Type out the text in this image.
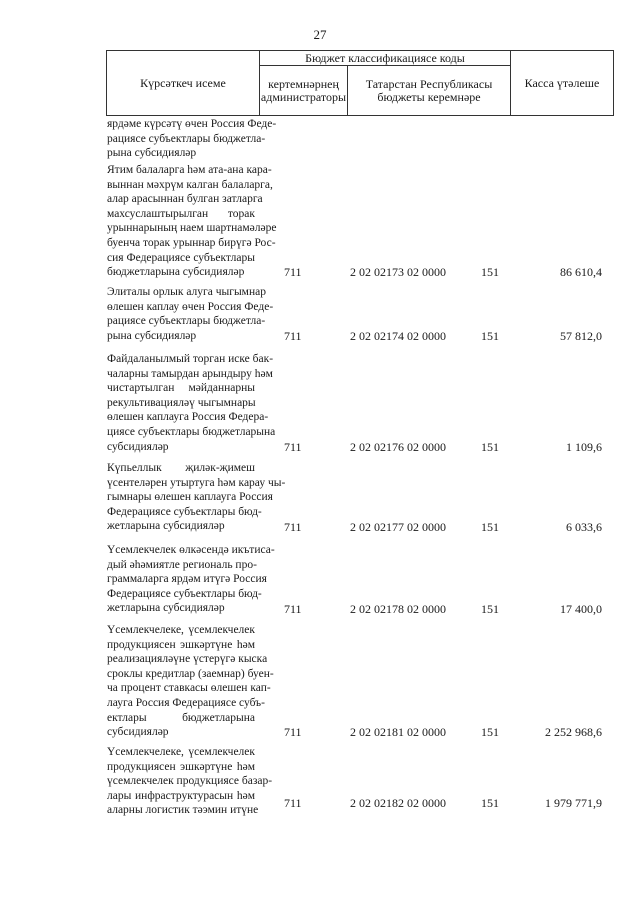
27
Күрсәткеч исеме
Бюджет классификациясе коды
кертемнәрнең администраторы
Татарстан Республикасы бюджеты керемнәре
Касса үтәлеше
ярдәме күрсәтү өчен Россия Феде-
рациясе субъектлары бюджетла-
рына субсидияләр
Ятим балаларга һәм ата-ана кара-
выннан мәхрүм калган балаларга,
алар арасыннан булган затларга
махсуслаштырылган торак
урыннарының наем шартнамәләре
буенча торак урыннар бирүгә Рос-
сия Федерациясе субъектлары
бюджетларына субсидияләр	711	2 02 02173 02 0000	151	86 610,4
Элиталы орлык алуга чыгымнар
өлешен каплау өчен Россия Феде-
рациясе субъектлары бюджетла-
рына субсидияләр	711	2 02 02174 02 0000	151	57 812,0
Файдаланылмый торган иске бак-
чаларны тамырдан арындыру һәм
чистартылган мәйданнарны
рекультивацияләү чыгымнары
өлешен каплауга Россия Федера-
циясе субъектлары бюджетларына
субсидияләр	711	2 02 02176 02 0000	151	1 109,6
Күпьеллык җиләк-җимеш
үсентеләрен утыртуга һәм карау чы-
гымнары өлешен каплауга Россия
Федерациясе субъектлары бюд-
жетларына субсидияләр	711	2 02 02177 02 0000	151	6 033,6
Үсемлекчелек өлкәсендә икътиса-
дый әһәмиятле региональ про-
граммаларга ярдәм итүгә Россия
Федерациясе субъектлары бюд-
жетларына субсидияләр	711	2 02 02178 02 0000	151	17 400,0
Үсемлекчелеке, үсемлекчелек
продукциясен эшкәртүне һәм
реализацияләүне үстерүгә кыска
сроклы кредитлар (заемнар) буен-
ча процент ставкасы өлешен кап-
лауга Россия Федерациясе субъ-
ектлары бюджетларына
субсидияләр	711	2 02 02181 02 0000	151	2 252 968,6
Үсемлекчелеке, үсемлекчелек
продукциясен эшкәртүне һәм
үсемлекчелек продукциясе базар-
лары инфраструктурасын һәм
аларны логистик тәэмин итүне
711	2 02 02182 02 0000	151	1 979 771,9
